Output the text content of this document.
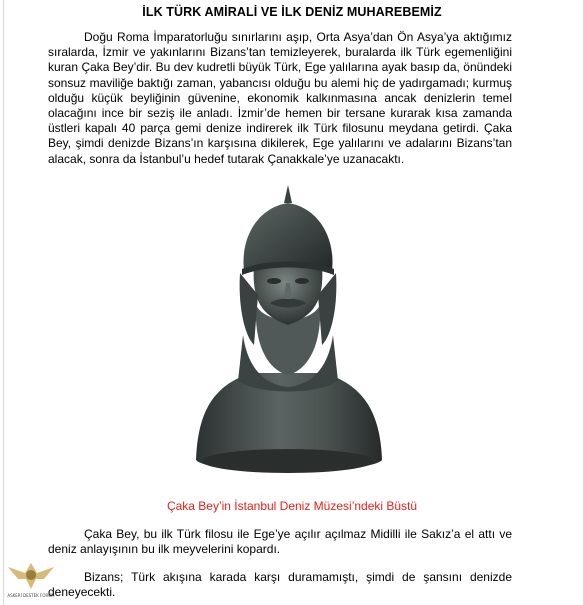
İLK TÜRK AMİRALİ VE İLK DENİZ MUHAREBEMİZ

Doğu Roma İmparatorluğu sınırlarını aşıp, Orta Asya’dan Ön Asya’ya aktığımız sıralarda, İzmir ve yakınlarını Bizans’tan temizleyerek, buralarda ilk Türk egemenliğini kuran Çaka Bey’dir. Bu dev kudretli büyük Türk, Ege yalılarına ayak basıp da, önündeki sonsuz maviliğe baktığı zaman, yabancısı olduğu bu alemi hiç de yadırgamadı; kurmuş olduğu küçük beyliğinin güvenine, ekonomik kalkınmasına ancak denizlerin temel olacağını ince bir seziş ile anladı. İzmir’de hemen bir tersane kurarak kısa zamanda üstleri kapalı 40 parça gemi denize indirerek ilk Türk filosunu meydana getirdi. Çaka Bey, şimdi denizde Bizans’ın karşısına dikilerek, Ege yalılarını ve adalarını Bizans’tan alacak, sonra da İstanbul’u hedef tutarak Çanakkale’ye uzanacaktı.

Çaka Bey’in İstanbul Deniz Müzesi’ndeki Büstü

Çaka Bey, bu ilk Türk filosu ile Ege’ye açılır açılmaz Midilli ile Sakız’a el attı ve deniz anlayışının bu ilk meyvelerini kopardı.

Bizans; Türk akışına karada karşı duramamıştı, şimdi de şansını denizde deneyecekti.

ASKERİ DESTEK FORUM
